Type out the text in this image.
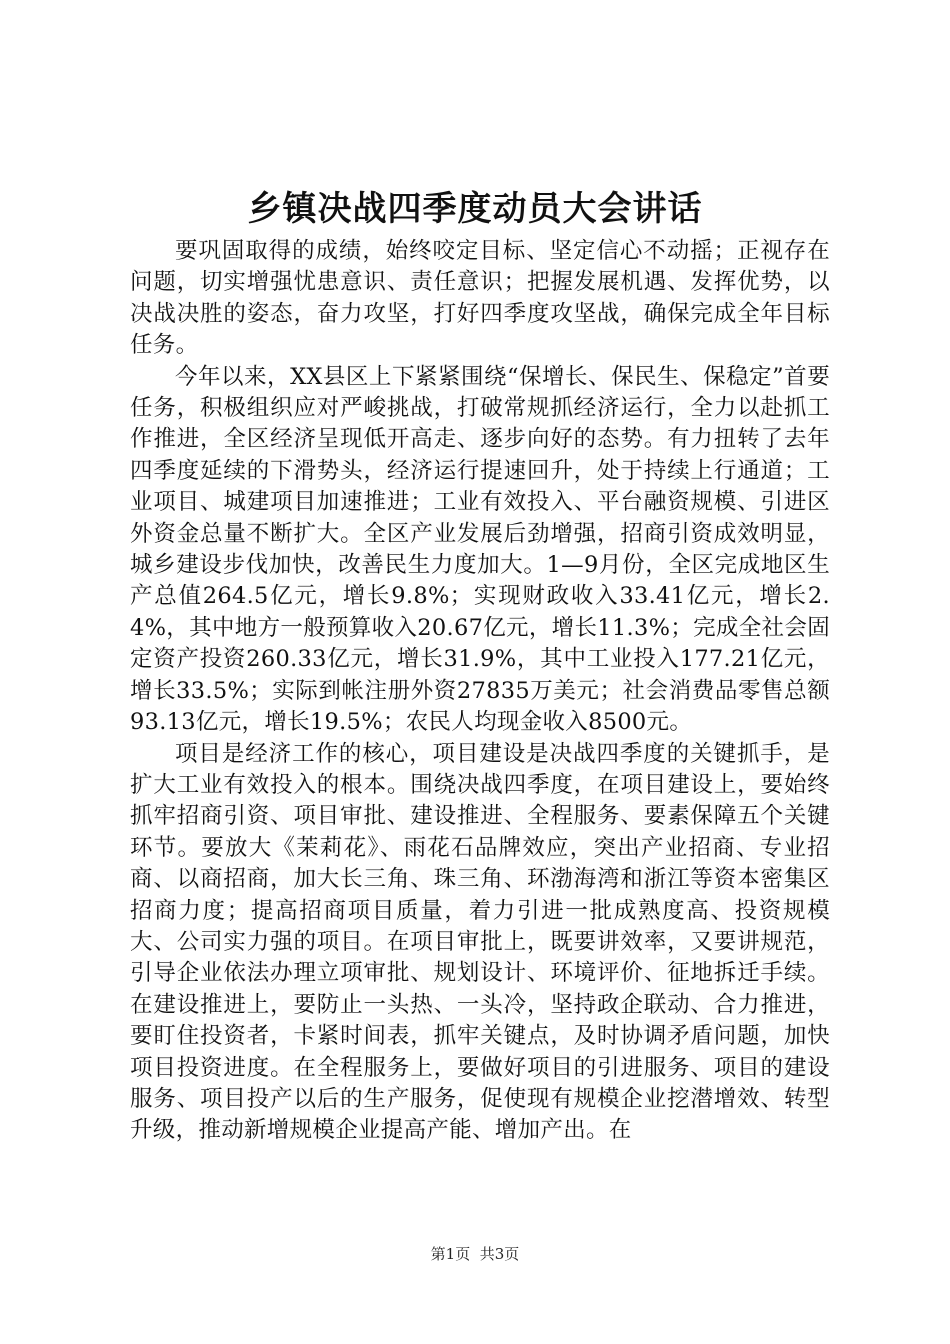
乡镇决战四季度动员大会讲话

要巩固取得的成绩，始终咬定目标、坚定信心不动摇；正视存在问题，切实增强忧患意识、责任意识；把握发展机遇、发挥优势，以决战决胜的姿态，奋力攻坚，打好四季度攻坚战，确保完成全年目标任务。

今年以来，XX县区上下紧紧围绕“保增长、保民生、保稳定”首要任务，积极组织应对严峻挑战，打破常规抓经济运行，全力以赴抓工作推进，全区经济呈现低开高走、逐步向好的态势。有力扭转了去年四季度延续的下滑势头，经济运行提速回升，处于持续上行通道；工业项目、城建项目加速推进；工业有效投入、平台融资规模、引进区外资金总量不断扩大。全区产业发展后劲增强，招商引资成效明显，城乡建设步伐加快，改善民生力度加大。1—9月份，全区完成地区生产总值264.5亿元，增长9.8%；实现财政收入33.41亿元，增长2.4%，其中地方一般预算收入20.67亿元，增长11.3%；完成全社会固定资产投资260.33亿元，增长31.9%，其中工业投入177.21亿元，增长33.5%；实际到帐注册外资27835万美元；社会消费品零售总额93.13亿元，增长19.5%；农民人均现金收入8500元。

项目是经济工作的核心，项目建设是决战四季度的关键抓手，是扩大工业有效投入的根本。围绕决战四季度，在项目建设上，要始终抓牢招商引资、项目审批、建设推进、全程服务、要素保障五个关键环节。要放大《茉莉花》、雨花石品牌效应，突出产业招商、专业招商、以商招商，加大长三角、珠三角、环渤海湾和浙江等资本密集区招商力度；提高招商项目质量，着力引进一批成熟度高、投资规模大、公司实力强的项目。在项目审批上，既要讲效率，又要讲规范，引导企业依法办理立项审批、规划设计、环境评价、征地拆迁手续。在建设推进上，要防止一头热、一头冷，坚持政企联动、合力推进，要盯住投资者，卡紧时间表，抓牢关键点，及时协调矛盾问题，加快项目投资进度。在全程服务上，要做好项目的引进服务、项目的建设服务、项目投产以后的生产服务，促使现有规模企业挖潜增效、转型升级，推动新增规模企业提高产能、增加产出。在

第1页 共3页
